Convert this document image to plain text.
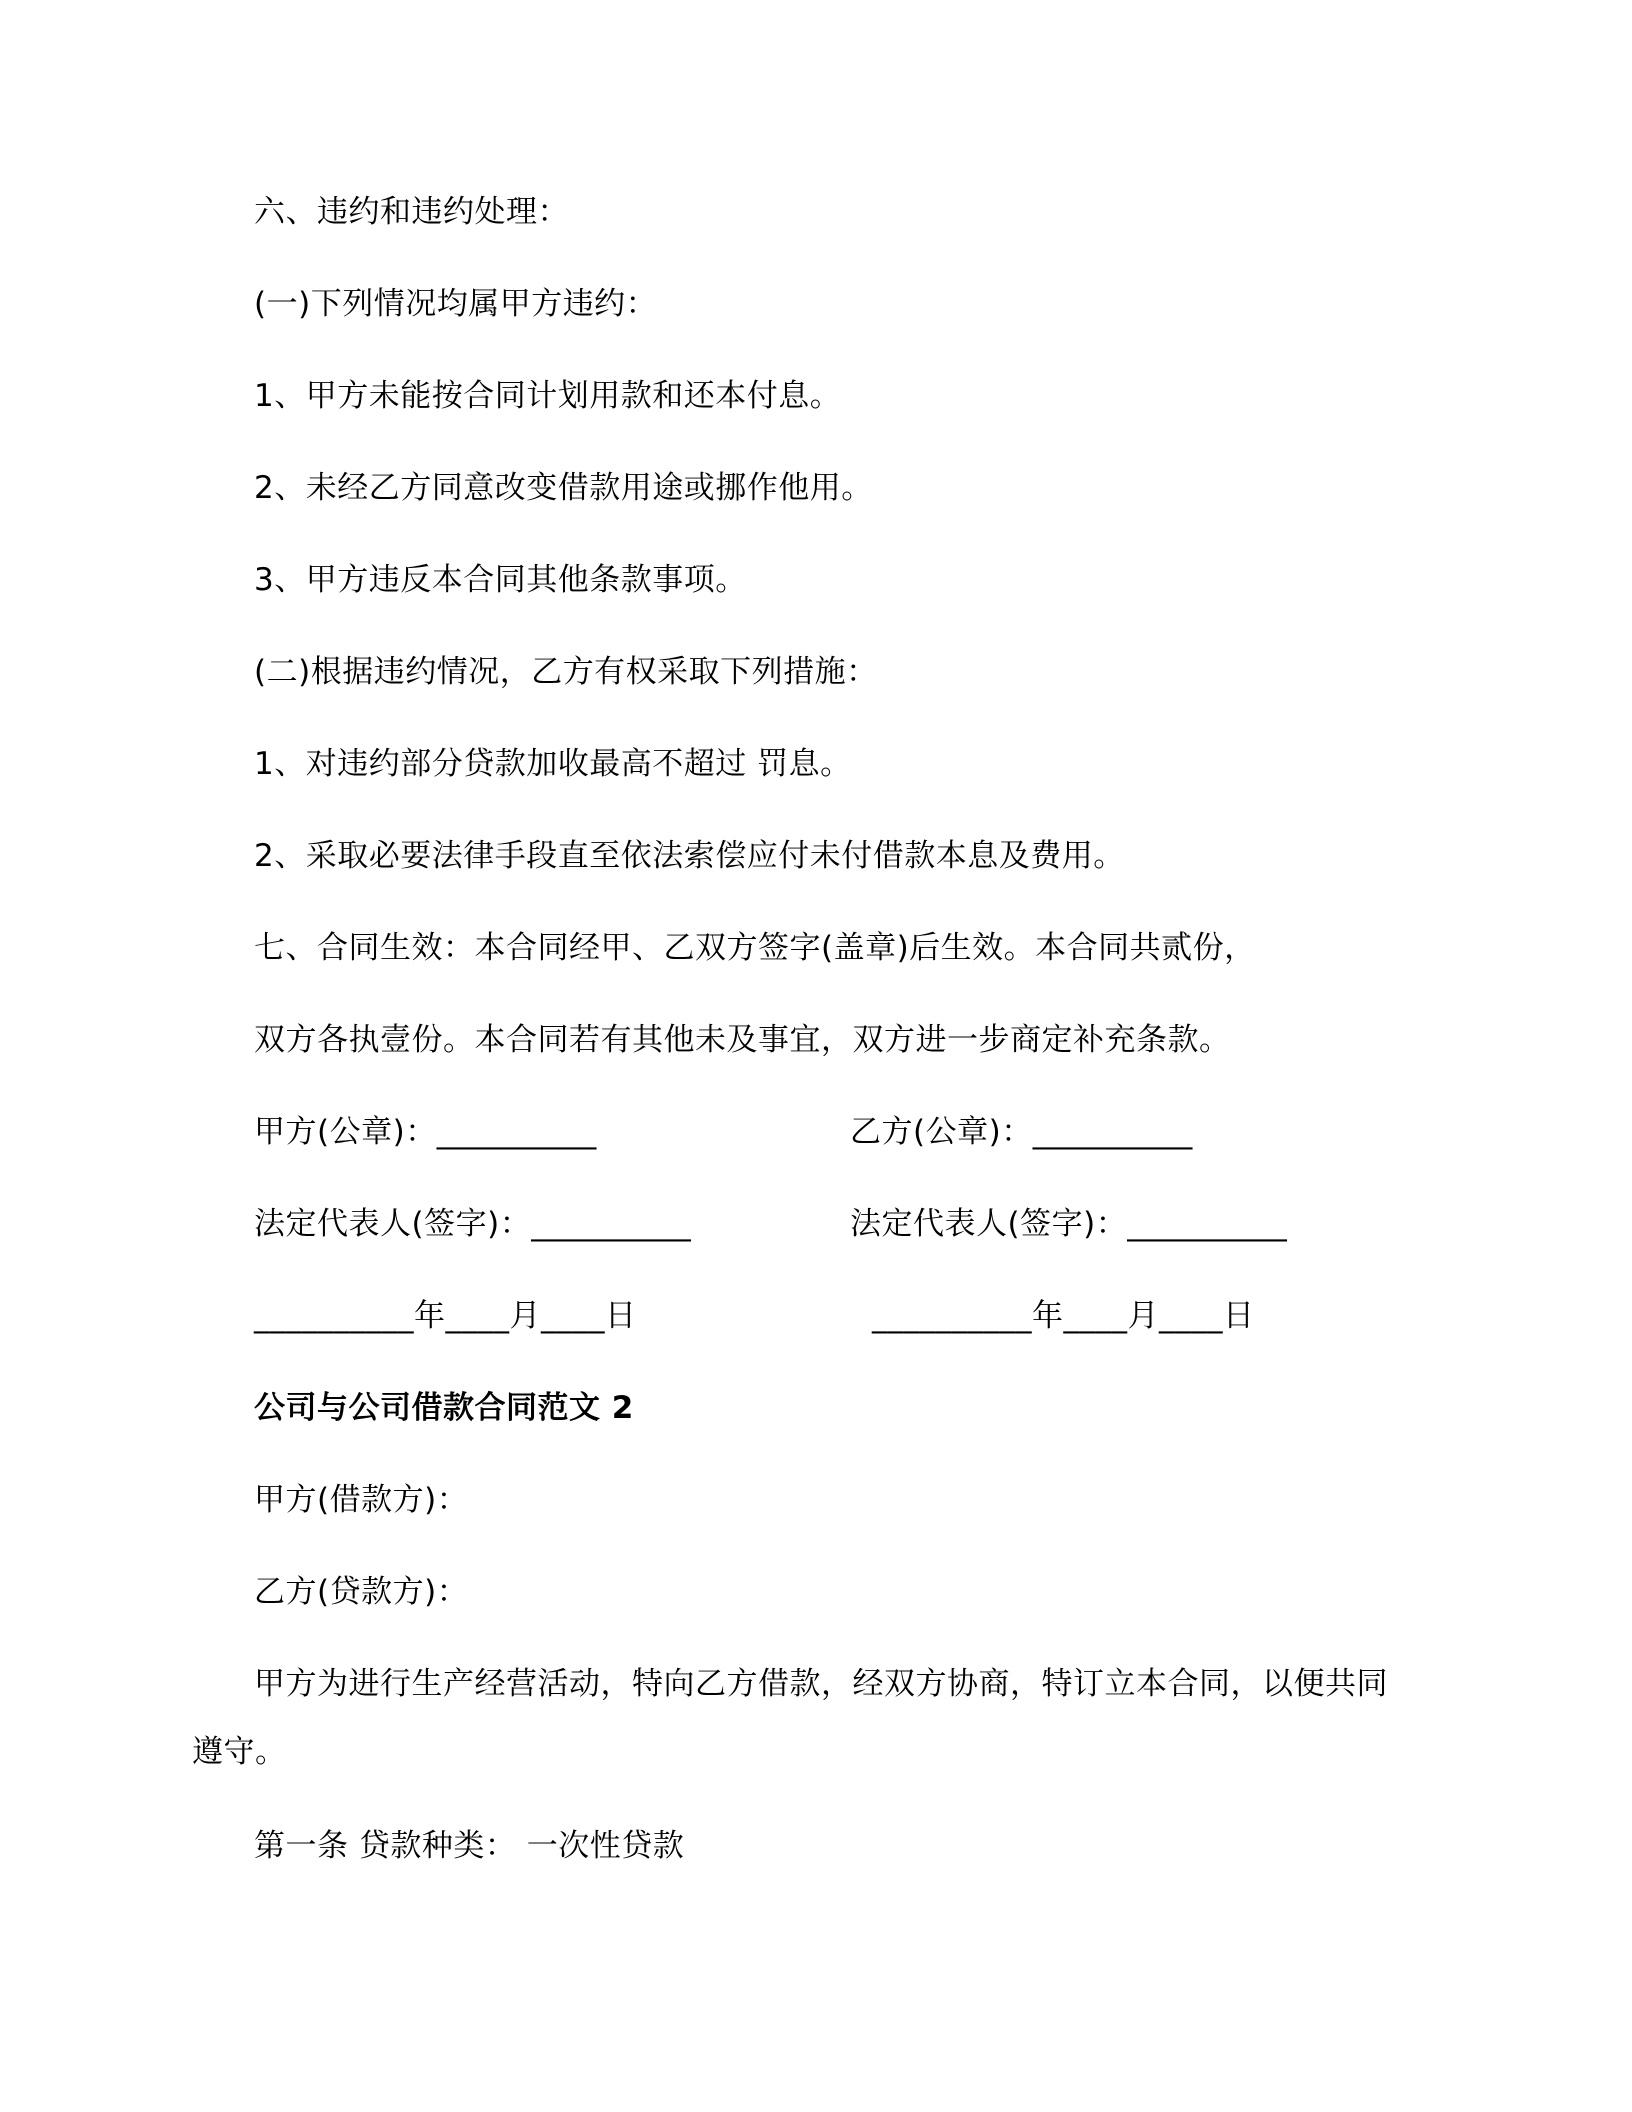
六、违约和违约处理：
(一)下列情况均属甲方违约：
1、甲方未能按合同计划用款和还本付息。
2、未经乙方同意改变借款用途或挪作他用。
3、甲方违反本合同其他条款事项。
(二)根据违约情况，乙方有权采取下列措施：
1、对违约部分贷款加收最高不超过 罚息。
2、采取必要法律手段直至依法索偿应付未付借款本息及费用。
七、合同生效：本合同经甲、乙双方签字(盖章)后生效。本合同共贰份，
双方各执壹份。本合同若有其他未及事宜，双方进一步商定补充条款。
甲方(公章)：__________	乙方(公章)：__________
法定代表人(签字)：__________	法定代表人(签字)：__________
__________年____月____日	__________年____月____日
公司与公司借款合同范文 2
甲方(借款方)：
乙方(贷款方)：
甲方为进行生产经营活动，特向乙方借款，经双方协商，特订立本合同，以便共同
遵守。
第一条 贷款种类： 一次性贷款
